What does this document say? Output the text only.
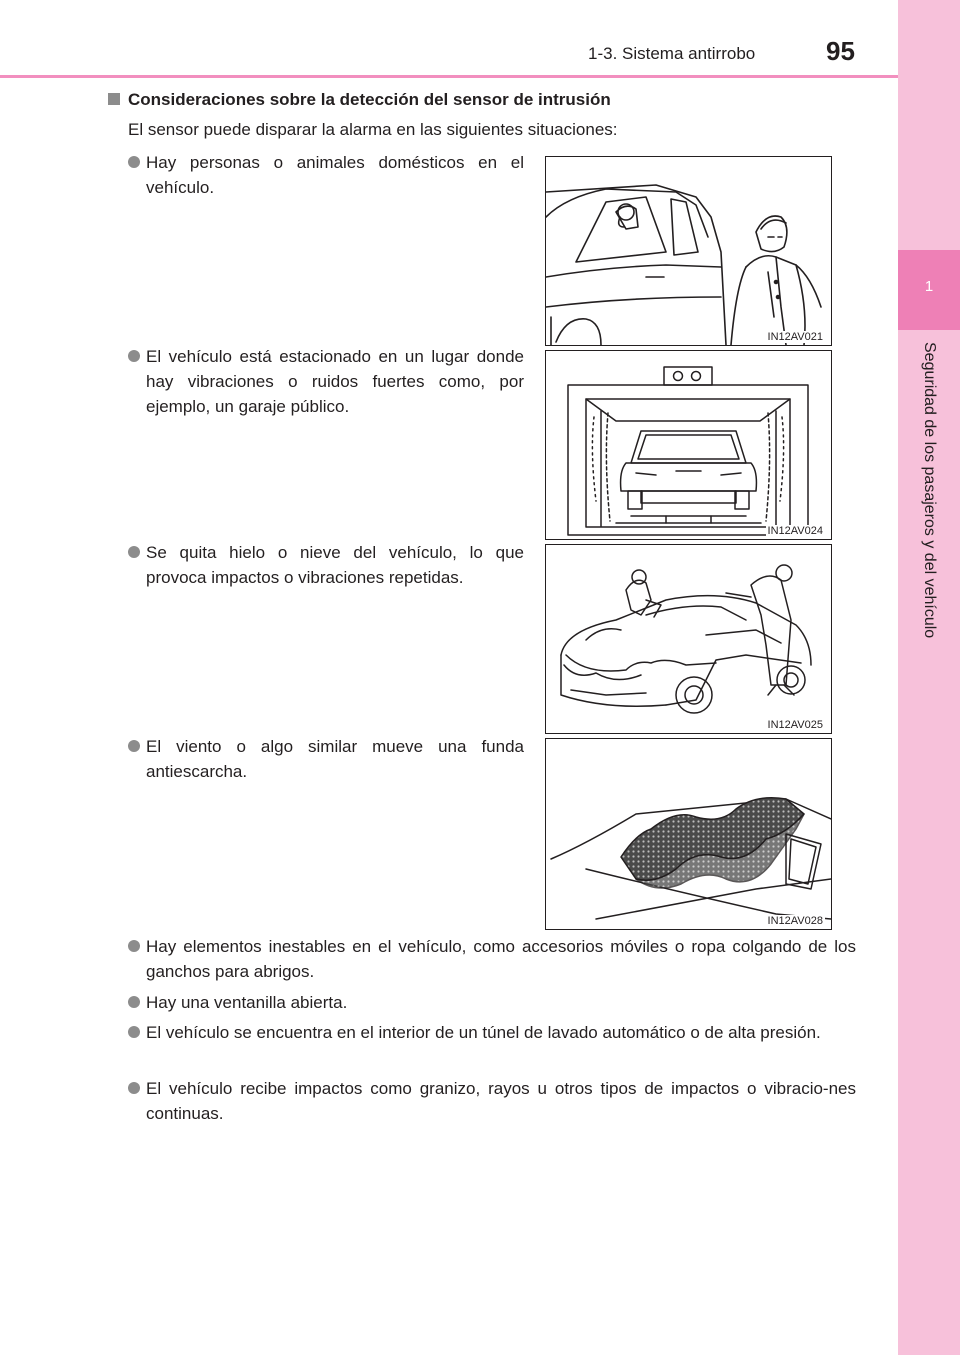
1-3. Sistema antirrobo	95
1
Seguridad de los pasajeros y del vehículo
Consideraciones sobre la detección del sensor de intrusión
El sensor puede disparar la alarma en las siguientes situaciones:
Hay personas o animales domésticos en el vehículo.
El vehículo está estacionado en un lugar donde hay vibraciones o ruidos fuertes como, por ejemplo, un garaje público.
Se quita hielo o nieve del vehículo, lo que provoca impactos o vibraciones repetidas.
El viento o algo similar mueve una funda antiescarcha.
Hay elementos inestables en el vehículo, como accesorios móviles o ropa colgando de los ganchos para abrigos.
Hay una ventanilla abierta.
El vehículo se encuentra en el interior de un túnel de lavado automático o de alta presión.
El vehículo recibe impactos como granizo, rayos u otros tipos de impactos o vibracio-nes continuas.
IN12AV021
IN12AV024
IN12AV025
IN12AV028
